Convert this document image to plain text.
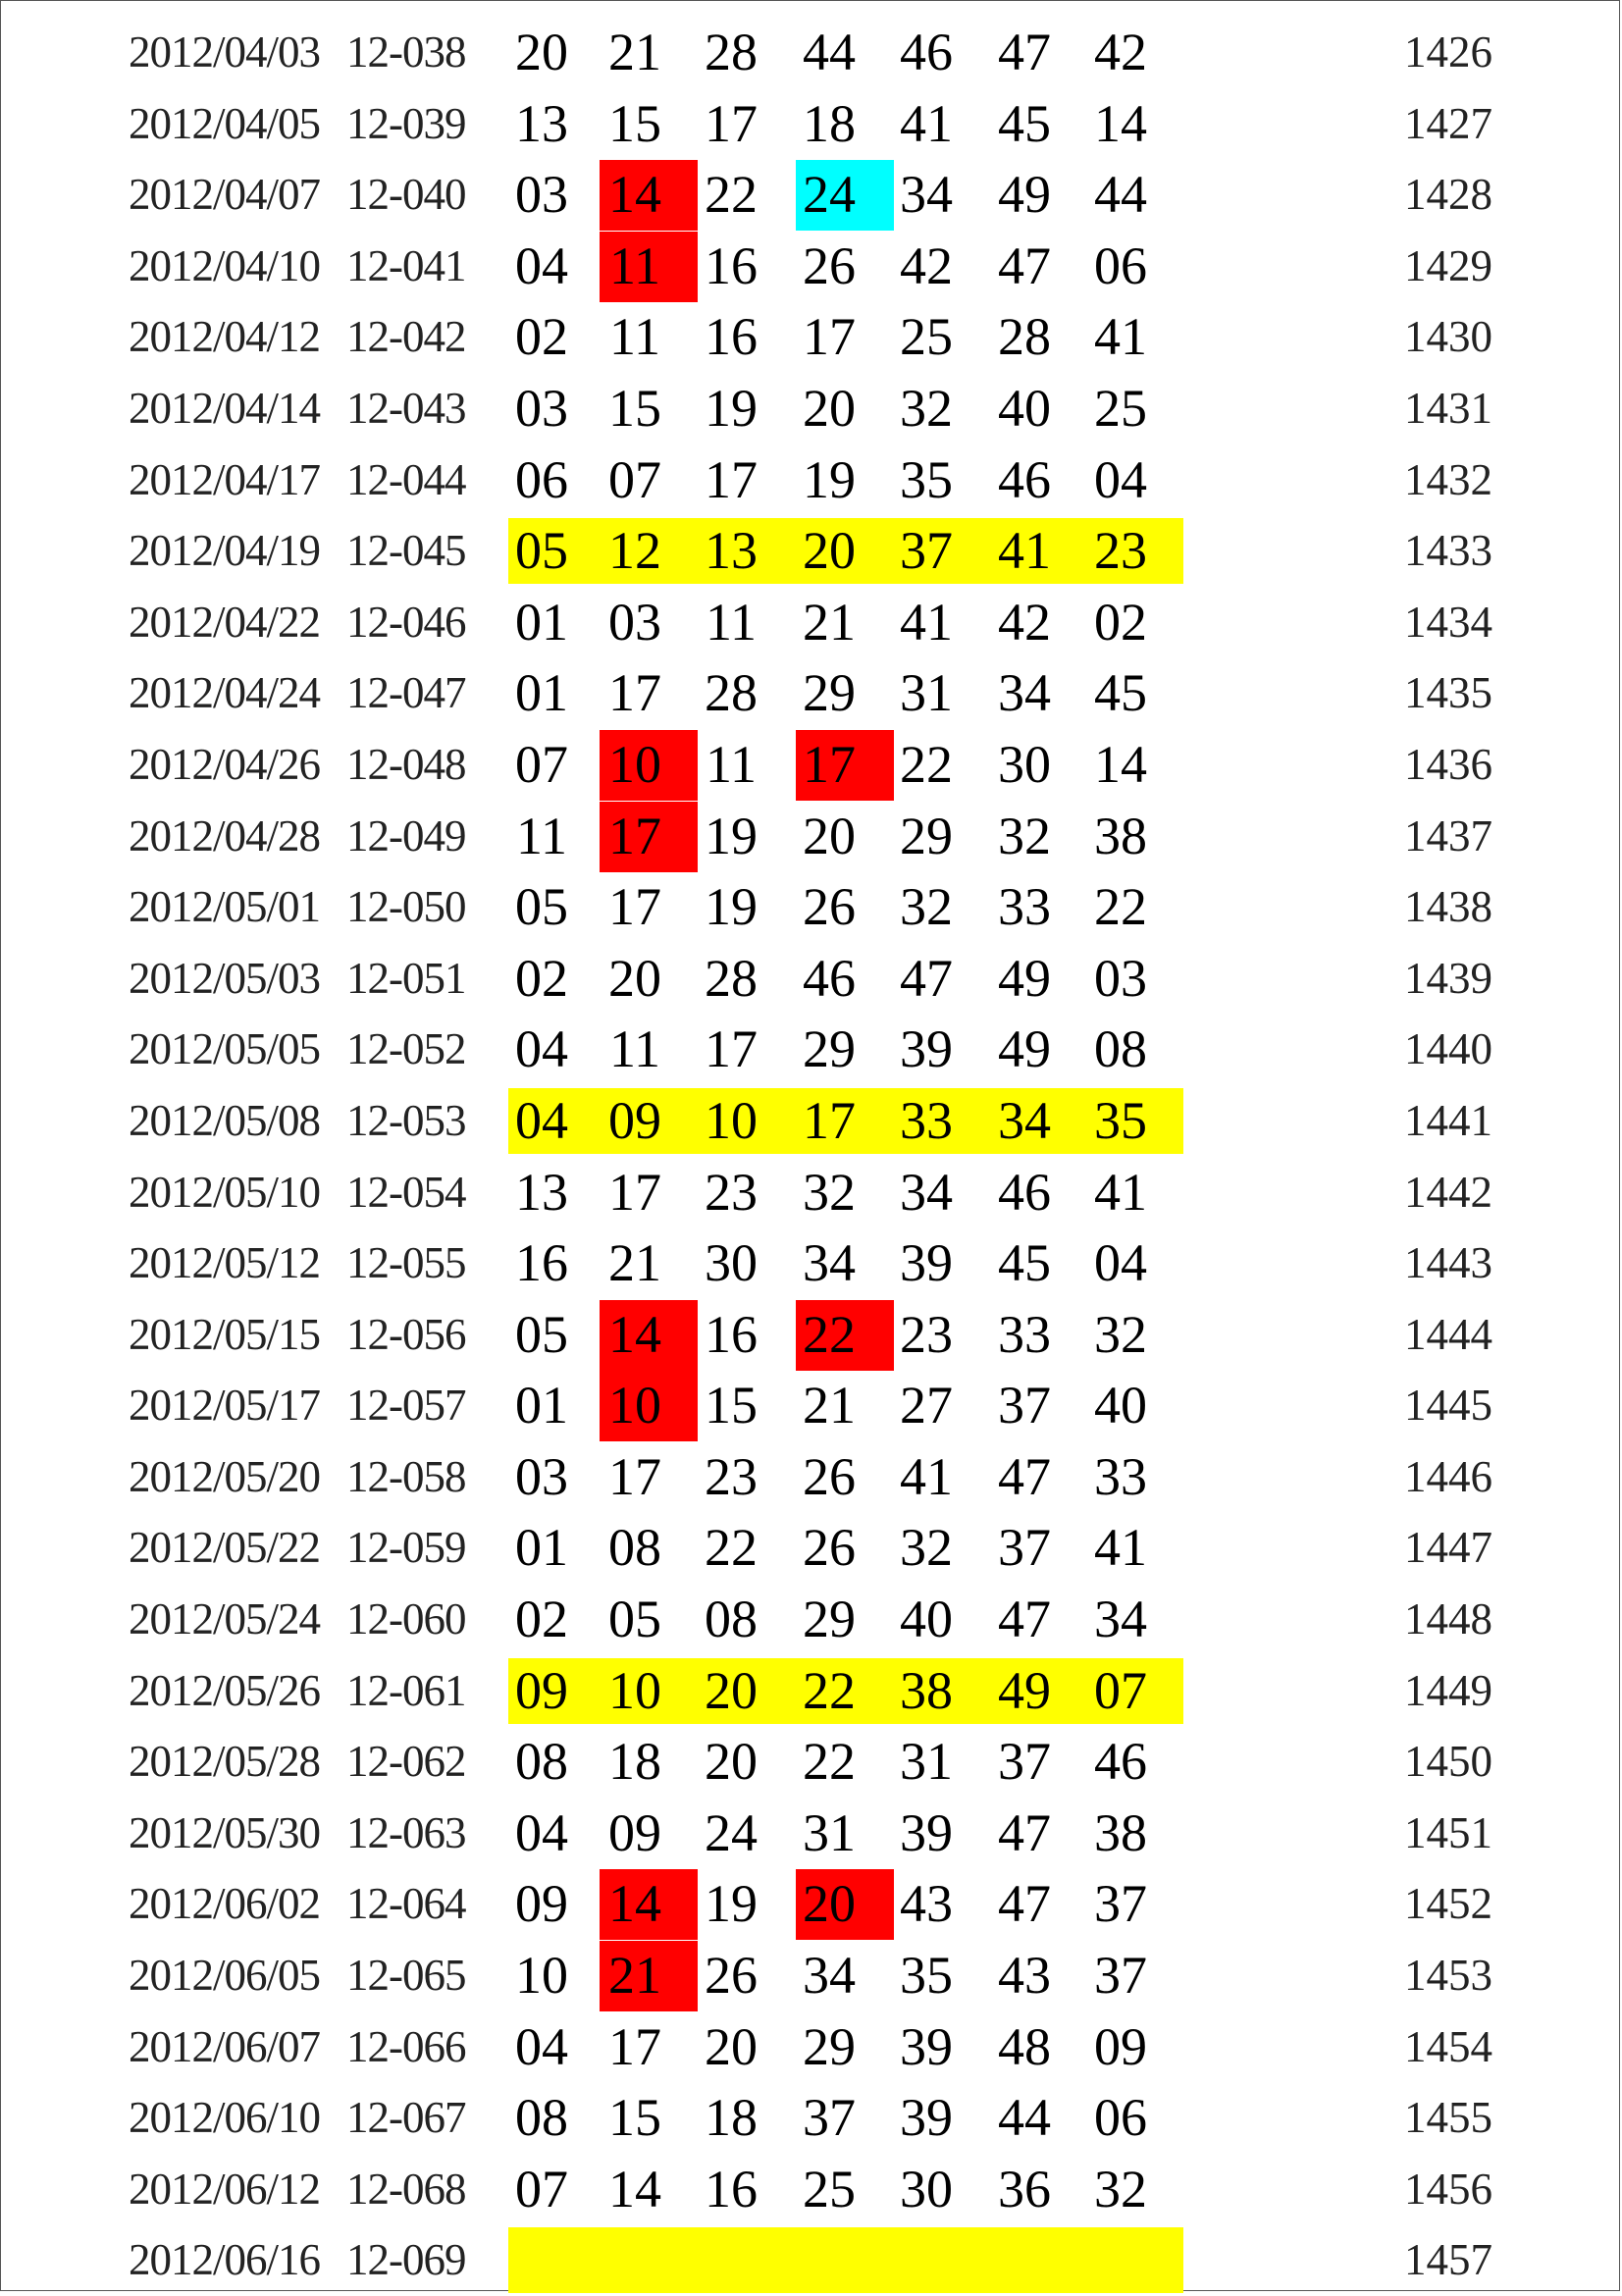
2012/04/03 12-038 20 21 28 44 46 47 42	1426
2012/04/05 12-039 13 15 17 18 41 45 14	1427
2012/04/07 12-040 03 14 22 24 34 49 44	1428
2012/04/10 12-041 04 11 16 26 42 47 06	1429
2012/04/12 12-042 02 11 16 17 25 28 41	1430
2012/04/14 12-043 03 15 19 20 32 40 25	1431
2012/04/17 12-044 06 07 17 19 35 46 04	1432
2012/04/19 12-045 05 12 13 20 37 41 23	1433
2012/04/22 12-046 01 03 11 21 41 42 02	1434
2012/04/24 12-047 01 17 28 29 31 34 45	1435
2012/04/26 12-048 07 10 11 17 22 30 14	1436
2012/04/28 12-049 11 17 19 20 29 32 38	1437
2012/05/01 12-050 05 17 19 26 32 33 22	1438
2012/05/03 12-051 02 20 28 46 47 49 03	1439
2012/05/05 12-052 04 11 17 29 39 49 08	1440
2012/05/08 12-053 04 09 10 17 33 34 35	1441
2012/05/10 12-054 13 17 23 32 34 46 41	1442
2012/05/12 12-055 16 21 30 34 39 45 04	1443
2012/05/15 12-056 05 14 16 22 23 33 32	1444
2012/05/17 12-057 01 10 15 21 27 37 40	1445
2012/05/20 12-058 03 17 23 26 41 47 33	1446
2012/05/22 12-059 01 08 22 26 32 37 41	1447
2012/05/24 12-060 02 05 08 29 40 47 34	1448
2012/05/26 12-061 09 10 20 22 38 49 07	1449
2012/05/28 12-062 08 18 20 22 31 37 46	1450
2012/05/30 12-063 04 09 24 31 39 47 38	1451
2012/06/02 12-064 09 14 19 20 43 47 37	1452
2012/06/05 12-065 10 21 26 34 35 43 37	1453
2012/06/07 12-066 04 17 20 29 39 48 09	1454
2012/06/10 12-067 08 15 18 37 39 44 06	1455
2012/06/12 12-068 07 14 16 25 30 36 32	1456
2012/06/16 12-069	1457
